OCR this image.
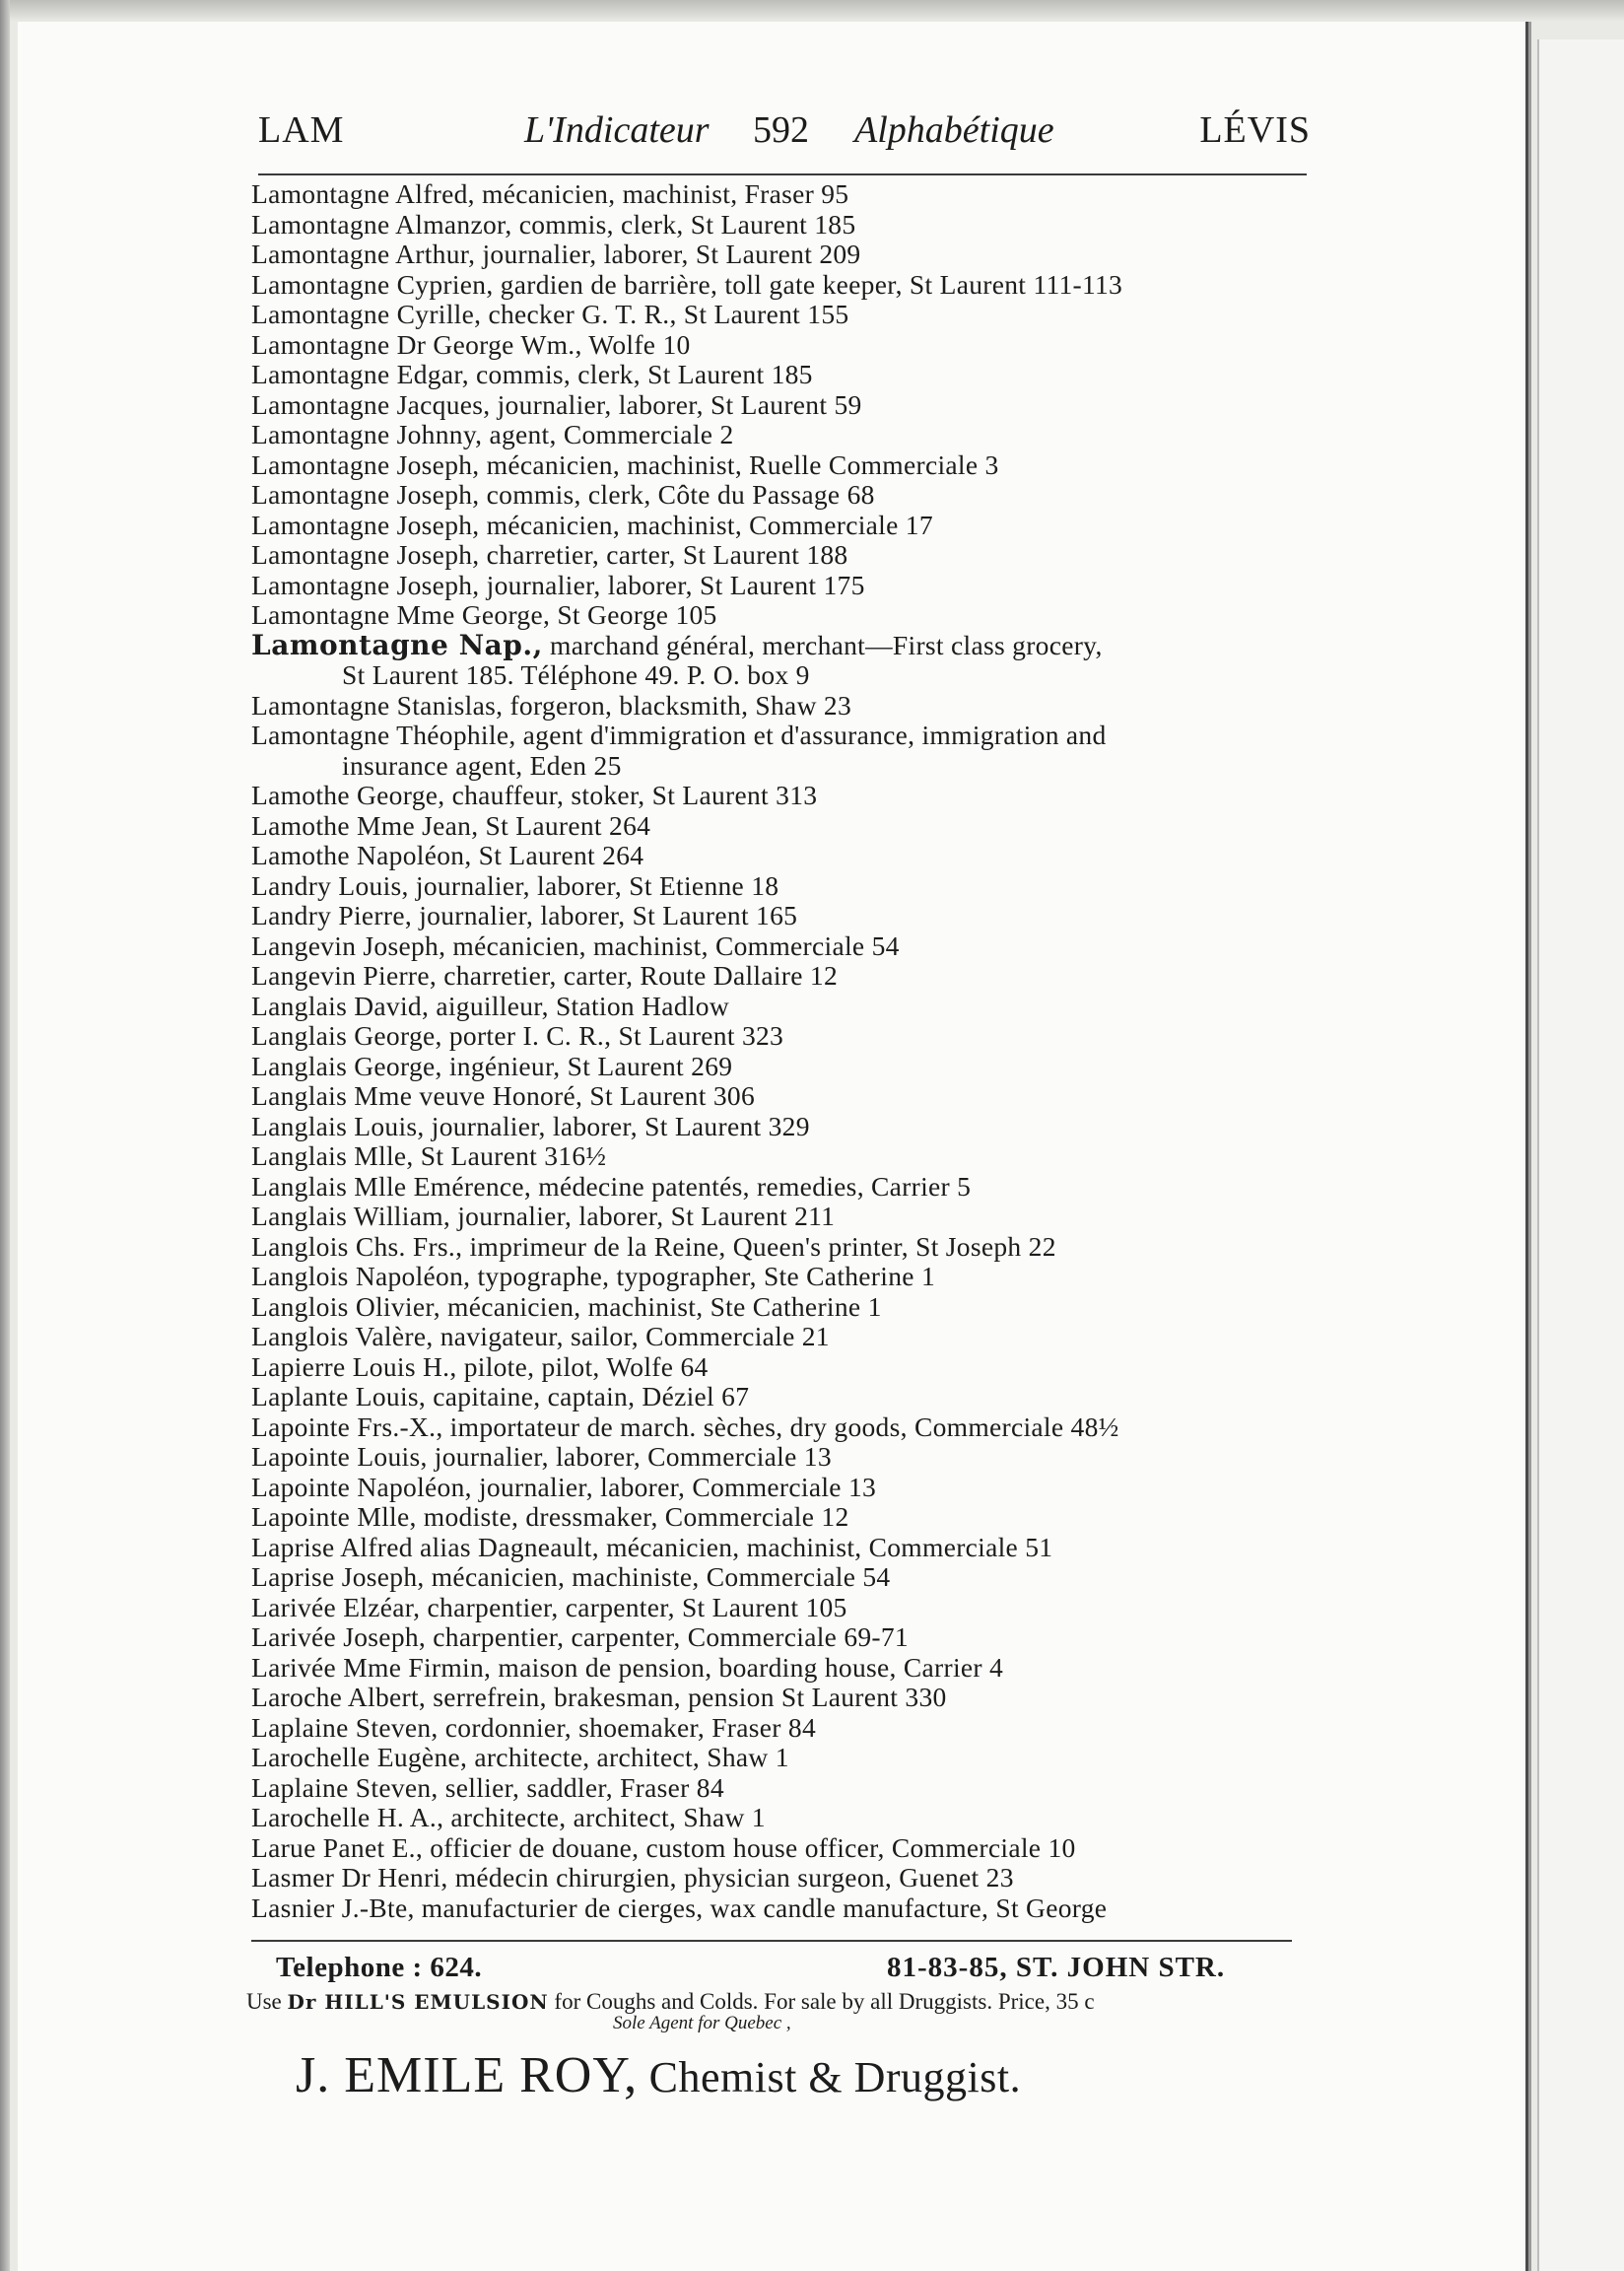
LAM	L'Indicateur 592 Alphabétique	LÉVIS
Lamontagne Alfred, mécanicien, machinist, Fraser 95
Lamontagne Almanzor, commis, clerk, St Laurent 185
Lamontagne Arthur, journalier, laborer, St Laurent 209
Lamontagne Cyprien, gardien de barrière, toll gate keeper, St Laurent 111-113
Lamontagne Cyrille, checker G. T. R., St Laurent 155
Lamontagne Dr George Wm., Wolfe 10
Lamontagne Edgar, commis, clerk, St Laurent 185
Lamontagne Jacques, journalier, laborer, St Laurent 59
Lamontagne Johnny, agent, Commerciale 2
Lamontagne Joseph, mécanicien, machinist, Ruelle Commerciale 3
Lamontagne Joseph, commis, clerk, Côte du Passage 68
Lamontagne Joseph, mécanicien, machinist, Commerciale 17
Lamontagne Joseph, charretier, carter, St Laurent 188
Lamontagne Joseph, journalier, laborer, St Laurent 175
Lamontagne Mme George, St George 105
Lamontagne Nap., marchand général, merchant—First class grocery,
St Laurent 185. Téléphone 49. P. O. box 9
Lamontagne Stanislas, forgeron, blacksmith, Shaw 23
Lamontagne Théophile, agent d'immigration et d'assurance, immigration and
insurance agent, Eden 25
Lamothe George, chauffeur, stoker, St Laurent 313
Lamothe Mme Jean, St Laurent 264
Lamothe Napoléon, St Laurent 264
Landry Louis, journalier, laborer, St Etienne 18
Landry Pierre, journalier, laborer, St Laurent 165
Langevin Joseph, mécanicien, machinist, Commerciale 54
Langevin Pierre, charretier, carter, Route Dallaire 12
Langlais David, aiguilleur, Station Hadlow
Langlais George, porter I. C. R., St Laurent 323
Langlais George, ingénieur, St Laurent 269
Langlais Mme veuve Honoré, St Laurent 306
Langlais Louis, journalier, laborer, St Laurent 329
Langlais Mlle, St Laurent 316½
Langlais Mlle Emérence, médecine patentés, remedies, Carrier 5
Langlais William, journalier, laborer, St Laurent 211
Langlois Chs. Frs., imprimeur de la Reine, Queen's printer, St Joseph 22
Langlois Napoléon, typographe, typographer, Ste Catherine 1
Langlois Olivier, mécanicien, machinist, Ste Catherine 1
Langlois Valère, navigateur, sailor, Commerciale 21
Lapierre Louis H., pilote, pilot, Wolfe 64
Laplante Louis, capitaine, captain, Déziel 67
Lapointe Frs.-X., importateur de march. sèches, dry goods, Commerciale 48½
Lapointe Louis, journalier, laborer, Commerciale 13
Lapointe Napoléon, journalier, laborer, Commerciale 13
Lapointe Mlle, modiste, dressmaker, Commerciale 12
Laprise Alfred alias Dagneault, mécanicien, machinist, Commerciale 51
Laprise Joseph, mécanicien, machiniste, Commerciale 54
Larivée Elzéar, charpentier, carpenter, St Laurent 105
Larivée Joseph, charpentier, carpenter, Commerciale 69-71
Larivée Mme Firmin, maison de pension, boarding house, Carrier 4
Laroche Albert, serrefrein, brakesman, pension St Laurent 330
Laplaine Steven, cordonnier, shoemaker, Fraser 84
Larochelle Eugène, architecte, architect, Shaw 1
Laplaine Steven, sellier, saddler, Fraser 84
Larochelle H. A., architecte, architect, Shaw 1
Larue Panet E., officier de douane, custom house officer, Commerciale 10
Lasmer Dr Henri, médecin chirurgien, physician surgeon, Guenet 23
Lasnier J.-Bte, manufacturier de cierges, wax candle manufacture, St George
Telephone : 624.	81-83-85, ST. JOHN STR.
Use Dr HILL'S EMULSION for Coughs and Colds. For sale by all Druggists. Price, 35 c
Sole Agent for Quebec ,
J. EMILE ROY, Chemist & Druggist.
